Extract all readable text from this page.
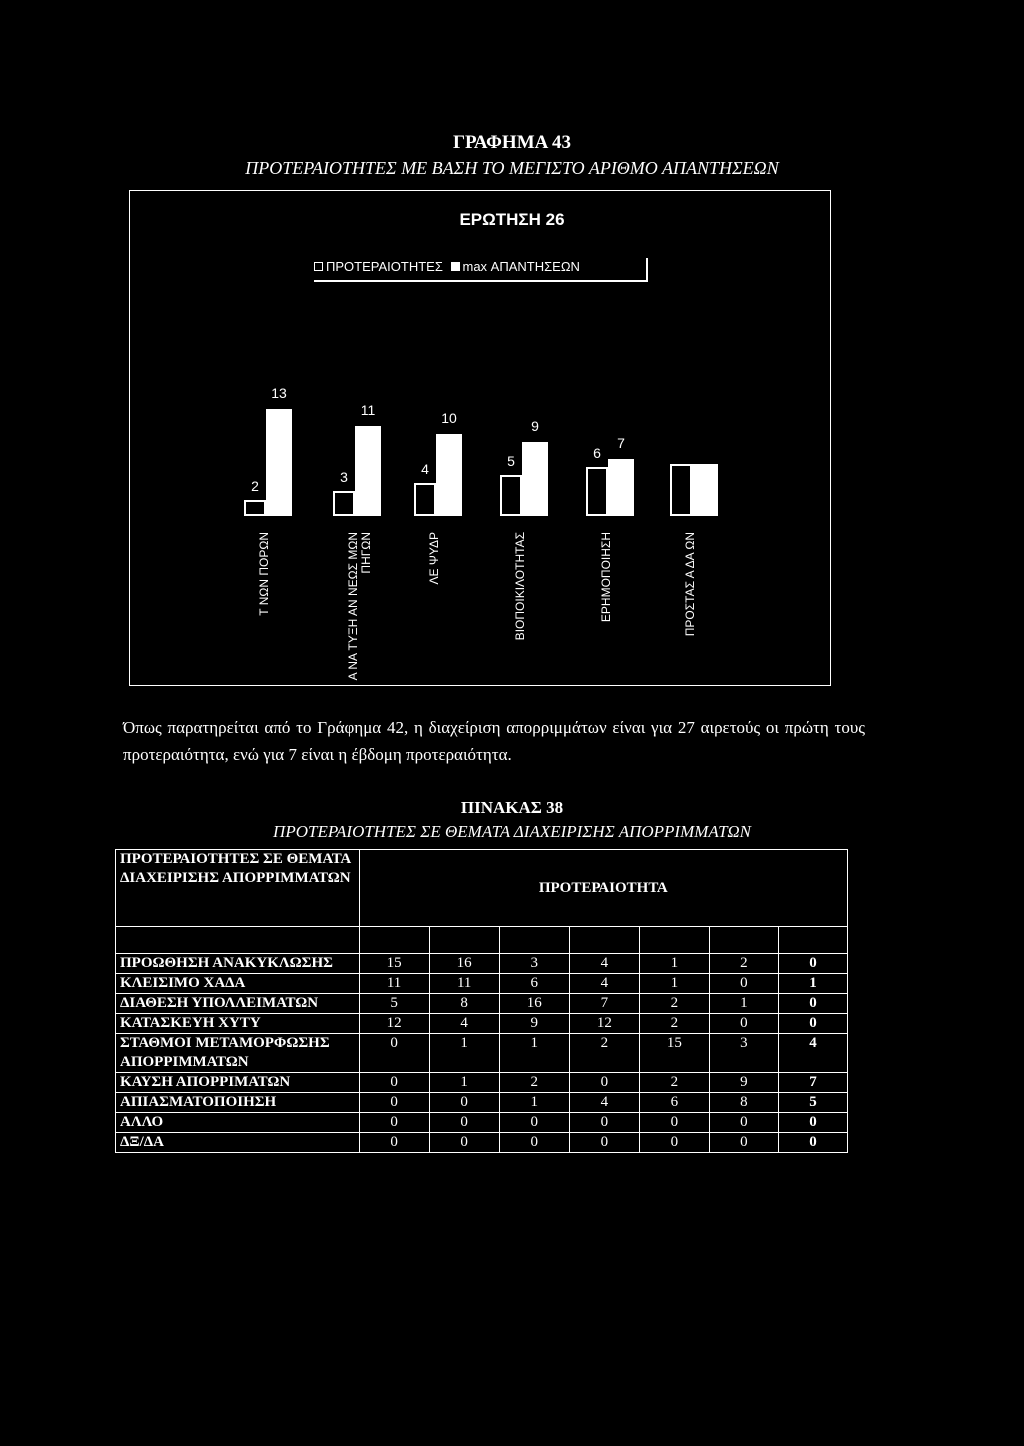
ΓΡΑΦΗΜΑ 43
ΠΡΟΤΕΡΑΙΟΤΗΤΕΣ ΜΕ ΒΑΣΗ ΤΟ ΜΕΓΙΣΤΟ ΑΡΙΘΜΟ ΑΠΑΝΤΗΣΕΩΝ
ΕΡΩΤΗΣΗ 26
ΠΡΟΤΕΡΑΙΟΤΗΤΕΣ max ΑΠΑΝΤΗΣΕΩΝ
2
13
Τ ΝΩΝ ΠΟΡΩΝ
3
11
Α ΝΑ ΤΥΞΗ ΑΝ ΝΕΩΣ ΜΩΝ ΠΗΓΩΝ
4
10
ΛΕ ΨΥΔΡ
5
9
ΒΙΟΠΟΙΚΙΛΟΤΗΤΑΣ
6
7
ΕΡΗΜΟΠΟΙΗΣΗ	ΠΡΟΣΤΑΣ Α ΔΑ ΩΝ
Όπως παρατηρείται από το Γράφημα 42, η διαχείριση απορριμμάτων είναι για 27 αιρετούς οι πρώτη τους προτεραιότητα, ενώ για 7 είναι η έβδομη προτεραιότητα.
ΠΙΝΑΚΑΣ 38
ΠΡΟΤΕΡΑΙΟΤΗΤΕΣ ΣΕ ΘΕΜΑΤΑ ΔΙΑΧΕΙΡΙΣΗΣ ΑΠΟΡΡΙΜΜΑΤΩΝ
ΠΡΟΤΕΡΑΙΟΤΗΤΕΣ ΣΕ ΘΕΜΑΤΑ ΔΙΑΧΕΙΡΙΣΗΣ ΑΠΟΡΡΙΜΜΑΤΩΝ	ΠΡΟΤΕΡΑΙΟΤΗΤΑ						

ΠΡΟΩΘΗΣΗ ΑΝΑΚΥΚΛΩΣΗΣ	15	16	3	4	1	2	0
ΚΛΕΙΣΙΜΟ ΧΑΔΑ	11	11	6	4	1	0	1
ΔΙΑΘΕΣΗ ΥΠΟΛΛΕΙΜΑΤΩΝ	5	8	16	7	2	1	0
ΚΑΤΑΣΚΕΥΗ ΧΥΤΥ	12	4	9	12	2	0	0
ΣΤΑΘΜΟΙ ΜΕΤΑΜΟΡΦΩΣΗΣ ΑΠΟΡΡΙΜΜΑΤΩΝ	0	1	1	2	15	3	4
ΚΑΥΣΗ ΑΠΟΡΡΙΜΑΤΩΝ	0	1	2	0	2	9	7
ΑΠΙΑΣΜΑΤΟΠΟΙΗΣΗ	0	0	1	4	6	8	5
ΑΛΛΟ	0	0	0	0	0	0	0
ΔΞ/ΔΑ	0	0	0	0	0	0	0
